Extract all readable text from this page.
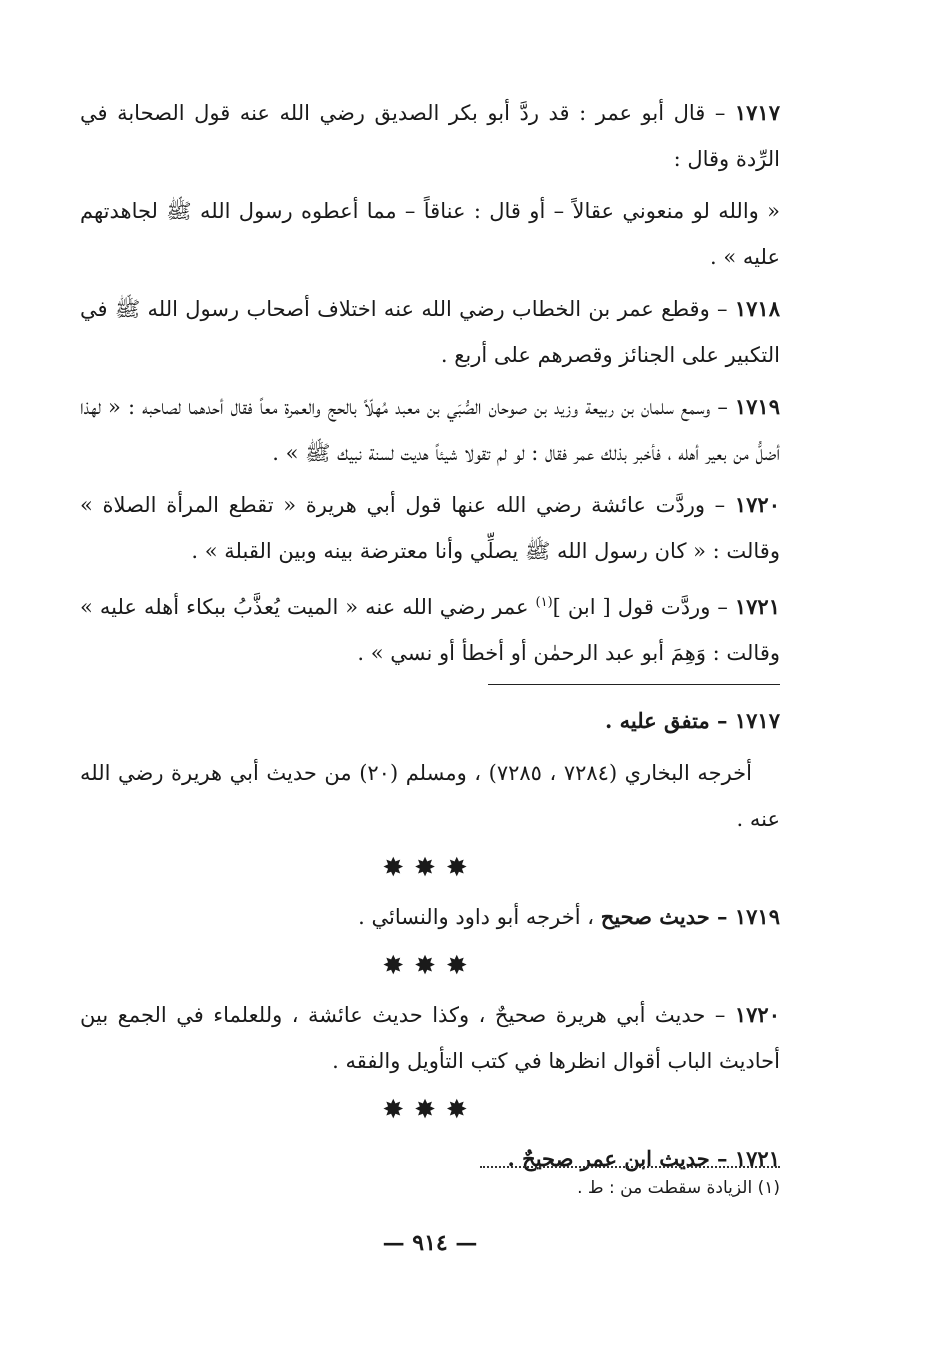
١٧١٧ – قال أبو عمر : قد ردَّ أبو بكر الصديق رضي الله عنه قول الصحابة في الرِّدة وقال :

« والله لو منعوني عقالاً – أو قال : عناقاً – مما أعطوه رسول الله ﷺ لجاهدتهم عليه » .

١٧١٨ – وقطع عمر بن الخطاب رضي الله عنه اختلاف أصحاب رسول الله ﷺ في التكبير على الجنائز وقصرهم على أربع .

١٧١٩ – وسمع سلمان بن ربيعة وزيد بن صوحان الصُّبَي بن معبد مُهلّاً بالحج والعمرة معاً فقال أحدهما لصاحبه : « لهذا أضلُّ من بعير أهله ، فأخبر بذلك عمر فقال : لو لم تقولا شيئاً هديت لسنة نبيك ﷺ » .

١٧٢٠ – وردَّت عائشة رضي الله عنها قول أبي هريرة « تقطع المرأة الصلاة » وقالت : « كان رسول الله ﷺ يصلِّي وأنا معترضة بينه وبين القبلة » .

١٧٢١ – وردَّت قول [ ابن ]$^{(١)}$ عمر رضي الله عنه « الميت يُعذَّبُ ببكاء أهله عليه » وقالت : وَهِمَ أبو عبد الرحمٰن أو أخطأ أو نسي » .

١٧١٧ – متفق عليه .

أخرجه البخاري (٧٢٨٤ ، ٧٢٨٥) ، ومسلم (٢٠) من حديث أبي هريرة رضي الله عنه .

✸✸✸

١٧١٩ – حديث صحيح ، أخرجه أبو داود والنسائي .

✸✸✸

١٧٢٠ – حديث أبي هريرة صحيحٌ ، وكذا حديث عائشة ، وللعلماء في الجمع بين أحاديث الباب أقوال انظرها في كتب التأويل والفقه .

✸✸✸

١٧٢١ – حديث ابن عمر صحيحٌ .

(١) الزيادة سقطت من : ط .
— ٩١٤ —
